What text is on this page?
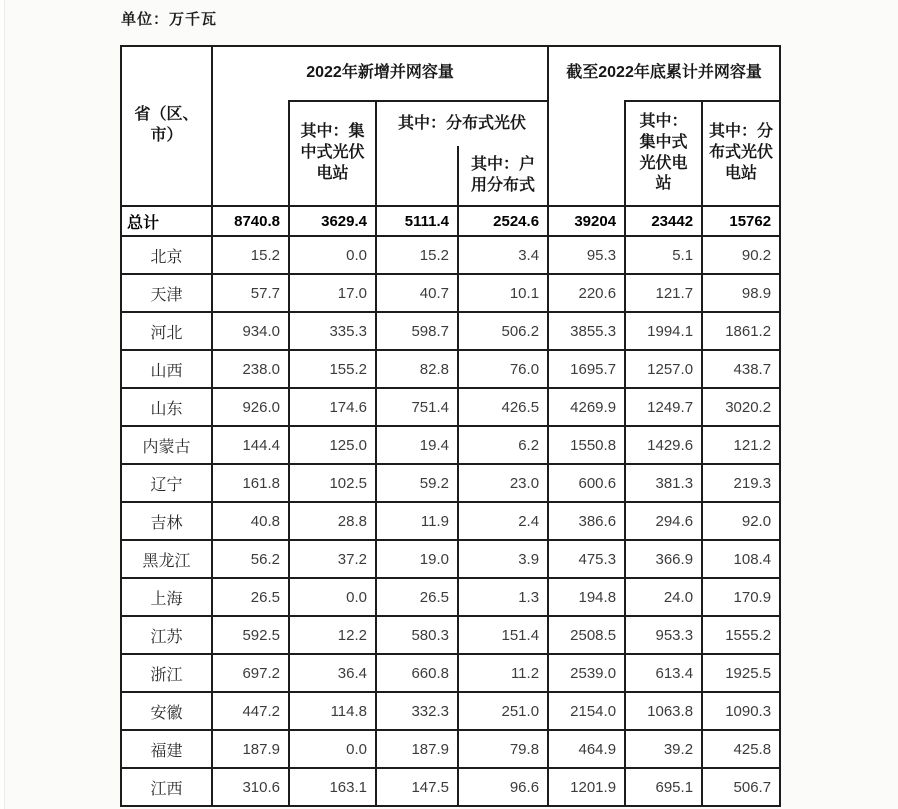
单位：万千瓦
省（区、市）	2022年新增并网容量				截至2022年底累计并网容量		
		其中：集中式光伏电站	其中：分布式光伏			其中：集中式光伏电站	其中：分布式光伏电站
				其中：户用分布式			
总计	8740.8	3629.4	5111.4	2524.6	39204	23442	15762
北京	15.2	0.0	15.2	3.4	95.3	5.1	90.2
天津	57.7	17.0	40.7	10.1	220.6	121.7	98.9
河北	934.0	335.3	598.7	506.2	3855.3	1994.1	1861.2
山西	238.0	155.2	82.8	76.0	1695.7	1257.0	438.7
山东	926.0	174.6	751.4	426.5	4269.9	1249.7	3020.2
内蒙古	144.4	125.0	19.4	6.2	1550.8	1429.6	121.2
辽宁	161.8	102.5	59.2	23.0	600.6	381.3	219.3
吉林	40.8	28.8	11.9	2.4	386.6	294.6	92.0
黑龙江	56.2	37.2	19.0	3.9	475.3	366.9	108.4
上海	26.5	0.0	26.5	1.3	194.8	24.0	170.9
江苏	592.5	12.2	580.3	151.4	2508.5	953.3	1555.2
浙江	697.2	36.4	660.8	11.2	2539.0	613.4	1925.5
安徽	447.2	114.8	332.3	251.0	2154.0	1063.8	1090.3
福建	187.9	0.0	187.9	79.8	464.9	39.2	425.8
江西	310.6	163.1	147.5	96.6	1201.9	695.1	506.7
